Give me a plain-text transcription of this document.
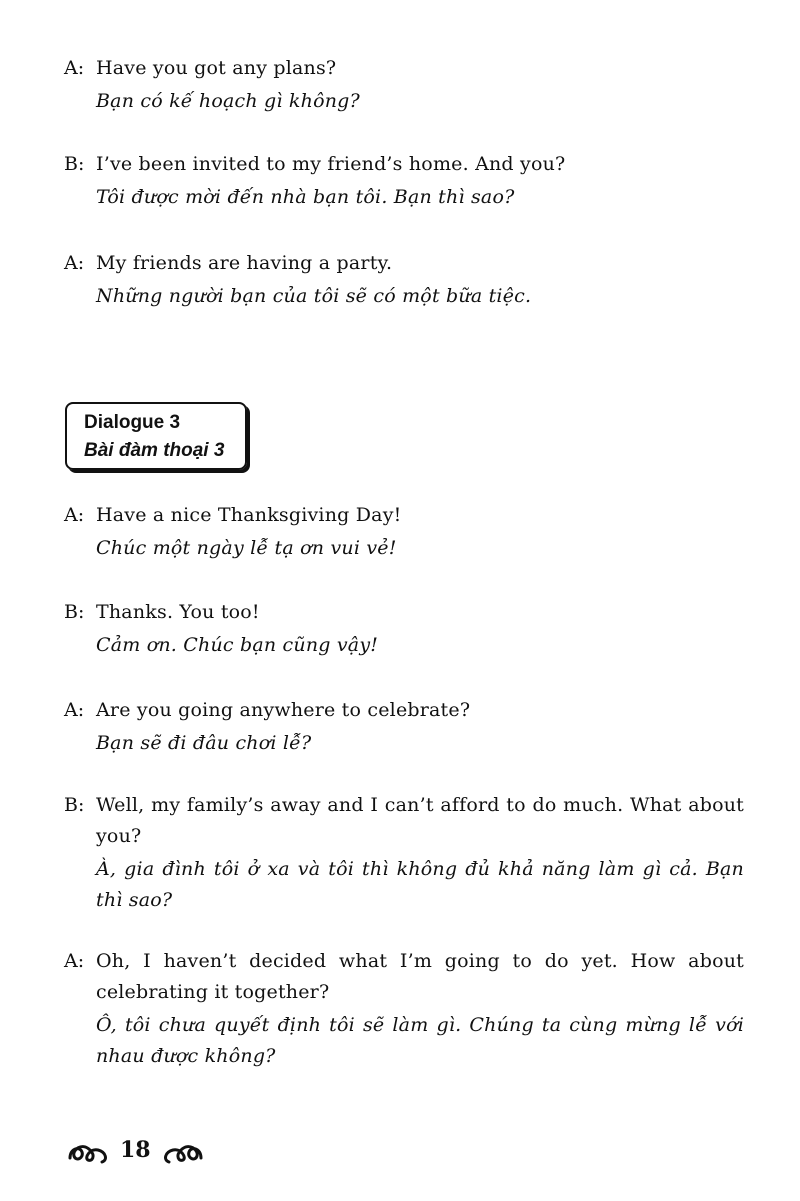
A: Have you got any plans?
Bạn có kế hoạch gì không?
B: I’ve been invited to my friend’s home. And you?
Tôi được mời đến nhà bạn tôi. Bạn thì sao?
A: My friends are having a party.
Những người bạn của tôi sẽ có một bữa tiệc.
Dialogue 3
Bài đàm thoại 3
A: Have a nice Thanksgiving Day!
Chúc một ngày lễ tạ ơn vui vẻ!
B: Thanks. You too!
Cảm ơn. Chúc bạn cũng vậy!
A: Are you going anywhere to celebrate?
Bạn sẽ đi đâu chơi lễ?
B: Well, my family’s away and I can’t afford to do much. What about you?
À, gia đình tôi ở xa và tôi thì không đủ khả năng làm gì cả. Bạn thì sao?
A: Oh, I haven’t decided what I’m going to do yet. How about celebrating it together?
Ô, tôi chưa quyết định tôi sẽ làm gì. Chúng ta cùng mừng lễ với nhau được không?
18
